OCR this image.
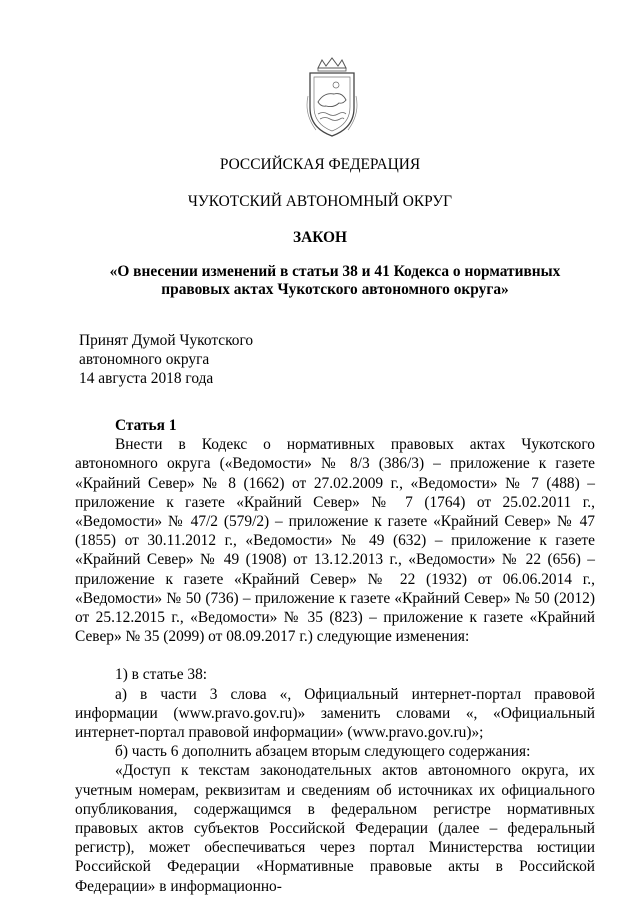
РОССИЙСКАЯ ФЕДЕРАЦИЯ
ЧУКОТСКИЙ АВТОНОМНЫЙ ОКРУГ
ЗАКОН
«О внесении изменений в статьи 38 и 41 Кодекса о нормативных правовых актах Чукотского автономного округа»
Принят Думой Чукотского
автономного округа
14 августа 2018 года
Статья 1
Внести в Кодекс о нормативных правовых актах Чукотского автономного округа («Ведомости» № 8/3 (386/3) – приложение к газете «Крайний Север» № 8 (1662) от 27.02.2009 г., «Ведомости» № 7 (488) – приложение к газете «Крайний Север» № 7 (1764) от 25.02.2011 г., «Ведомости» № 47/2 (579/2) – приложение к газете «Крайний Север» № 47 (1855) от 30.11.2012 г., «Ведомости» № 49 (632) – приложение к газете «Крайний Север» № 49 (1908) от 13.12.2013 г., «Ведомости» № 22 (656) – приложение к газете «Крайний Север» № 22 (1932) от 06.06.2014 г., «Ведомости» № 50 (736) – приложение к газете «Крайний Север» № 50 (2012) от 25.12.2015 г., «Ведомости» № 35 (823) – приложение к газете «Крайний Север» № 35 (2099) от 08.09.2017 г.) следующие изменения:
1) в статье 38:
а) в части 3 слова «, Официальный интернет-портал правовой информации (www.pravo.gov.ru)» заменить словами «, «Официальный интернет-портал правовой информации» (www.pravo.gov.ru)»;
б) часть 6 дополнить абзацем вторым следующего содержания:
«Доступ к текстам законодательных актов автономного округа, их учетным номерам, реквизитам и сведениям об источниках их официального опубликования, содержащимся в федеральном регистре нормативных правовых актов субъектов Российской Федерации (далее – федеральный регистр), может обеспечиваться через портал Министерства юстиции Российской Федерации «Нормативные правовые акты в Российской Федерации» в информационно-
